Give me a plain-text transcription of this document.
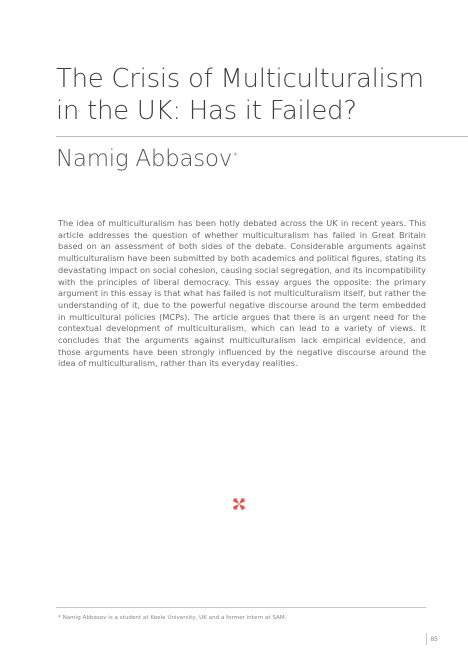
The Crisis of Multiculturalism in the UK: Has it Failed?
Namig Abbasov*

The idea of multiculturalism has been hotly debated across the UK in recent years. This article addresses the question of whether multiculturalism has failed in Great Britain based on an assessment of both sides of the debate. Considerable arguments against multiculturalism have been submitted by both academics and political figures, stating its devastating impact on social cohesion, causing social segregation, and its incompatibility with the principles of liberal democracy. This essay argues the opposite: the primary argument in this essay is that what has failed is not multiculturalism itself, but rather the understanding of it, due to the powerful negative discourse around the term embedded in multicultural policies (MCPs). The article argues that there is an urgent need for the contextual development of multiculturalism, which can lead to a variety of views. It concludes that the arguments against multiculturalism lack empirical evidence, and those arguments have been strongly influenced by the negative discourse around the idea of multiculturalism, rather than its everyday realities.

* Namig Abbasov is a student at Keele University, UK and a former intern at SAM.
85
